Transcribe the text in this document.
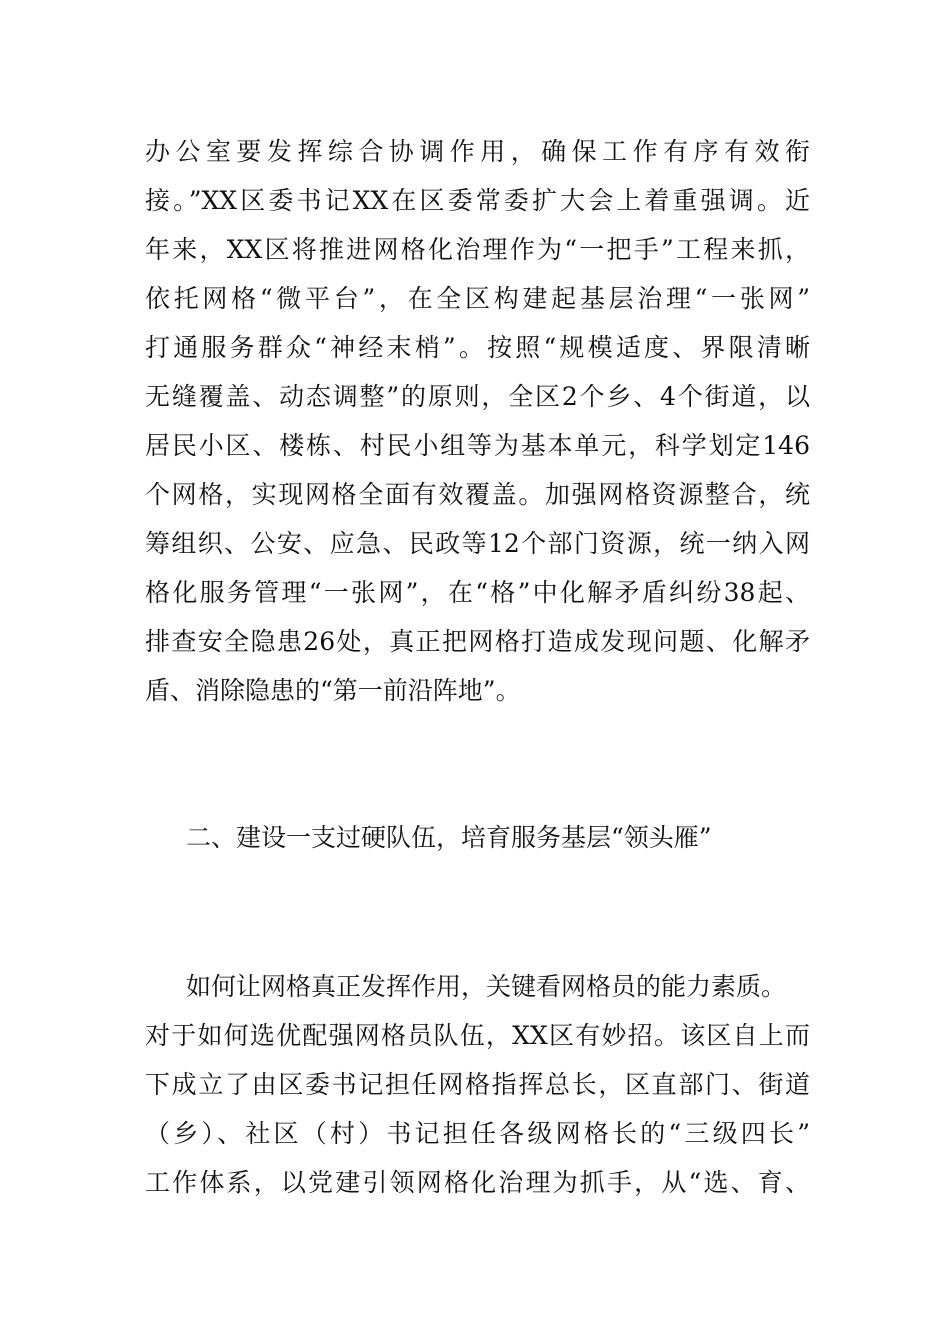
办公室要发挥综合协调作用，确保工作有序有效衔
接。”XX区委书记XX在区委常委扩大会上着重强调。近
年来，XX区将推进网格化治理作为“一把手”工程来抓，
依托网格“微平台”，在全区构建起基层治理“一张网”
打通服务群众“神经末梢”。按照“规模适度、界限清晰
无缝覆盖、动态调整”的原则，全区2个乡、4个街道，以
居民小区、楼栋、村民小组等为基本单元，科学划定146
个网格，实现网格全面有效覆盖。加强网格资源整合，统
筹组织、公安、应急、民政等12个部门资源，统一纳入网
格化服务管理“一张网”，在“格”中化解矛盾纠纷38起、
排查安全隐患26处，真正把网格打造成发现问题、化解矛
盾、消除隐患的“第一前沿阵地”。
二、建设一支过硬队伍，培育服务基层“领头雁”
如何让网格真正发挥作用，关键看网格员的能力素质。
对于如何选优配强网格员队伍，XX区有妙招。该区自上而
下成立了由区委书记担任网格指挥总长，区直部门、街道
（乡）、社区（村）书记担任各级网格长的“三级四长”
工作体系，以党建引领网格化治理为抓手，从“选、育、
